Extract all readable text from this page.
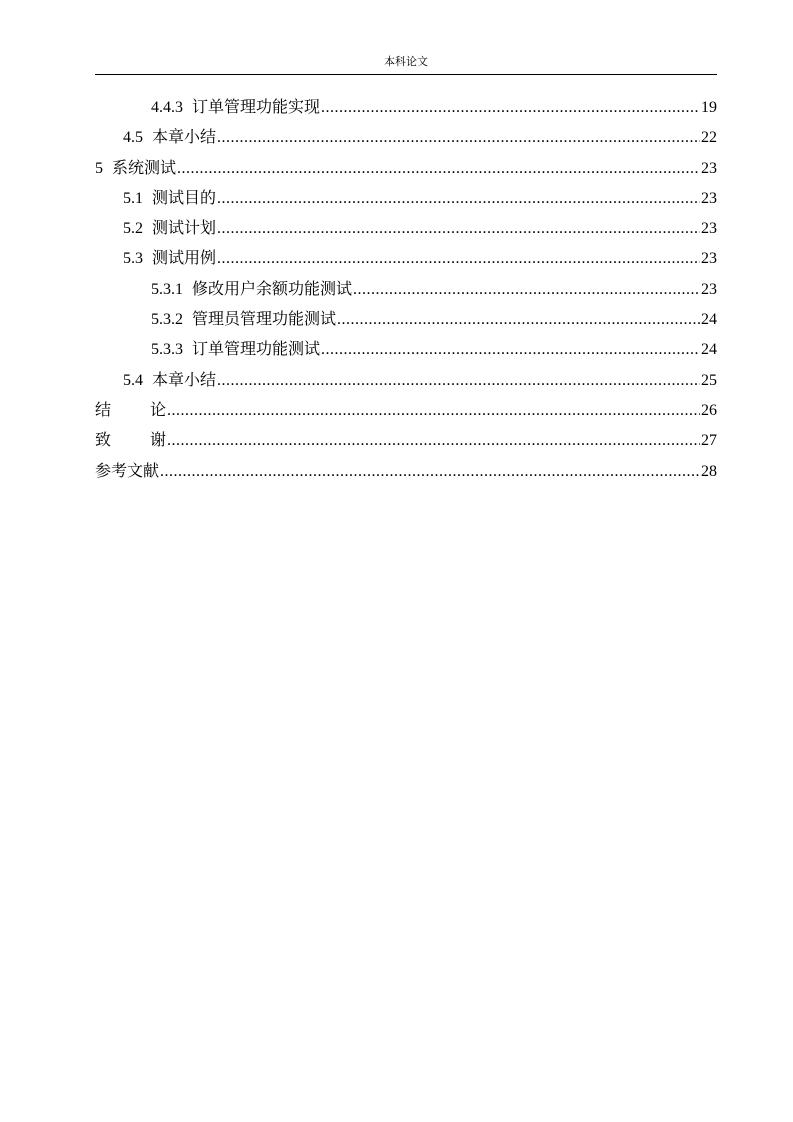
本科论文
4.4.3 订单管理功能实现 .....	19
4.5 本章小结 .....	22
5 系统测试 .....	23
5.1 测试目的 .....	23
5.2 测试计划 .....	23
5.3 测试用例 .....	23
5.3.1 修改用户余额功能测试 .....	23
5.3.2 管理员管理功能测试 .....	24
5.3.3 订单管理功能测试 .....	24
5.4 本章小结 .....	25
结论 .....	26
致谢 .....	27
参考文献 .....	28
